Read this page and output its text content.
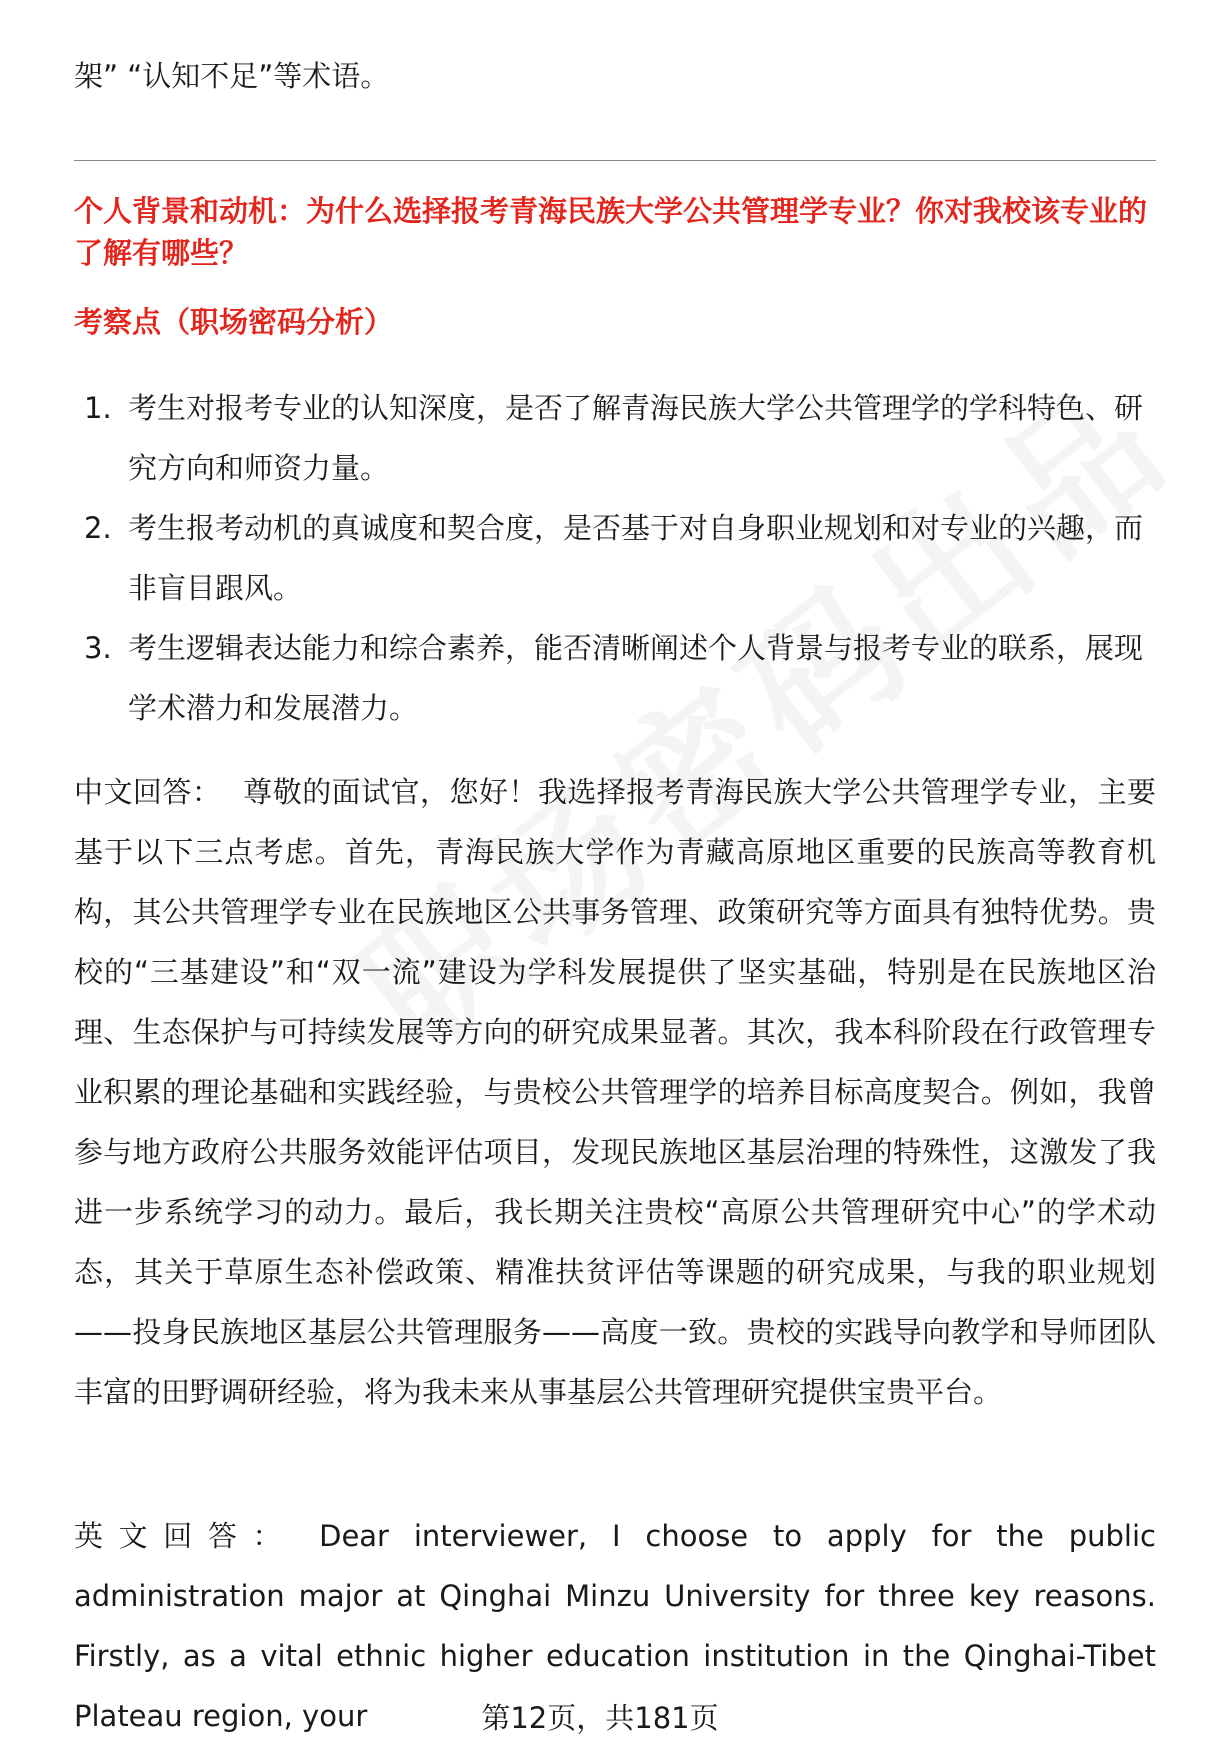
架” “认知不足”等术语。
个人背景和动机：为什么选择报考青海民族大学公共管理学专业？你对我校该专业的了解有哪些？
考察点（职场密码分析）
1. 考生对报考专业的认知深度，是否了解青海民族大学公共管理学的学科特色、研究方向和师资力量。
2. 考生报考动机的真诚度和契合度，是否基于对自身职业规划和对专业的兴趣，而非盲目跟风。
3. 考生逻辑表达能力和综合素养，能否清晰阐述个人背景与报考专业的联系，展现学术潜力和发展潜力。
中文回答： 尊敬的面试官，您好！我选择报考青海民族大学公共管理学专业，主要基于以下三点考虑。首先，青海民族大学作为青藏高原地区重要的民族高等教育机构，其公共管理学专业在民族地区公共事务管理、政策研究等方面具有独特优势。贵校的“三基建设”和“双一流”建设为学科发展提供了坚实基础，特别是在民族地区治理、生态保护与可持续发展等方向的研究成果显著。其次，我本科阶段在行政管理专业积累的理论基础和实践经验，与贵校公共管理学的培养目标高度契合。例如，我曾参与地方政府公共服务效能评估项目，发现民族地区基层治理的特殊性，这激发了我进一步系统学习的动力。最后，我长期关注贵校“高原公共管理研究中心”的学术动态，其关于草原生态补偿政策、精准扶贫评估等课题的研究成果，与我的职业规划——投身民族地区基层公共管理服务——高度一致。贵校的实践导向教学和导师团队丰富的田野调研经验，将为我未来从事基层公共管理研究提供宝贵平台。
英文回答： Dear interviewer, I choose to apply for the public administration major at Qinghai Minzu University for three key reasons. Firstly, as a vital ethnic higher education institution in the Qinghai-Tibet Plateau region, your	第12页，共181页
